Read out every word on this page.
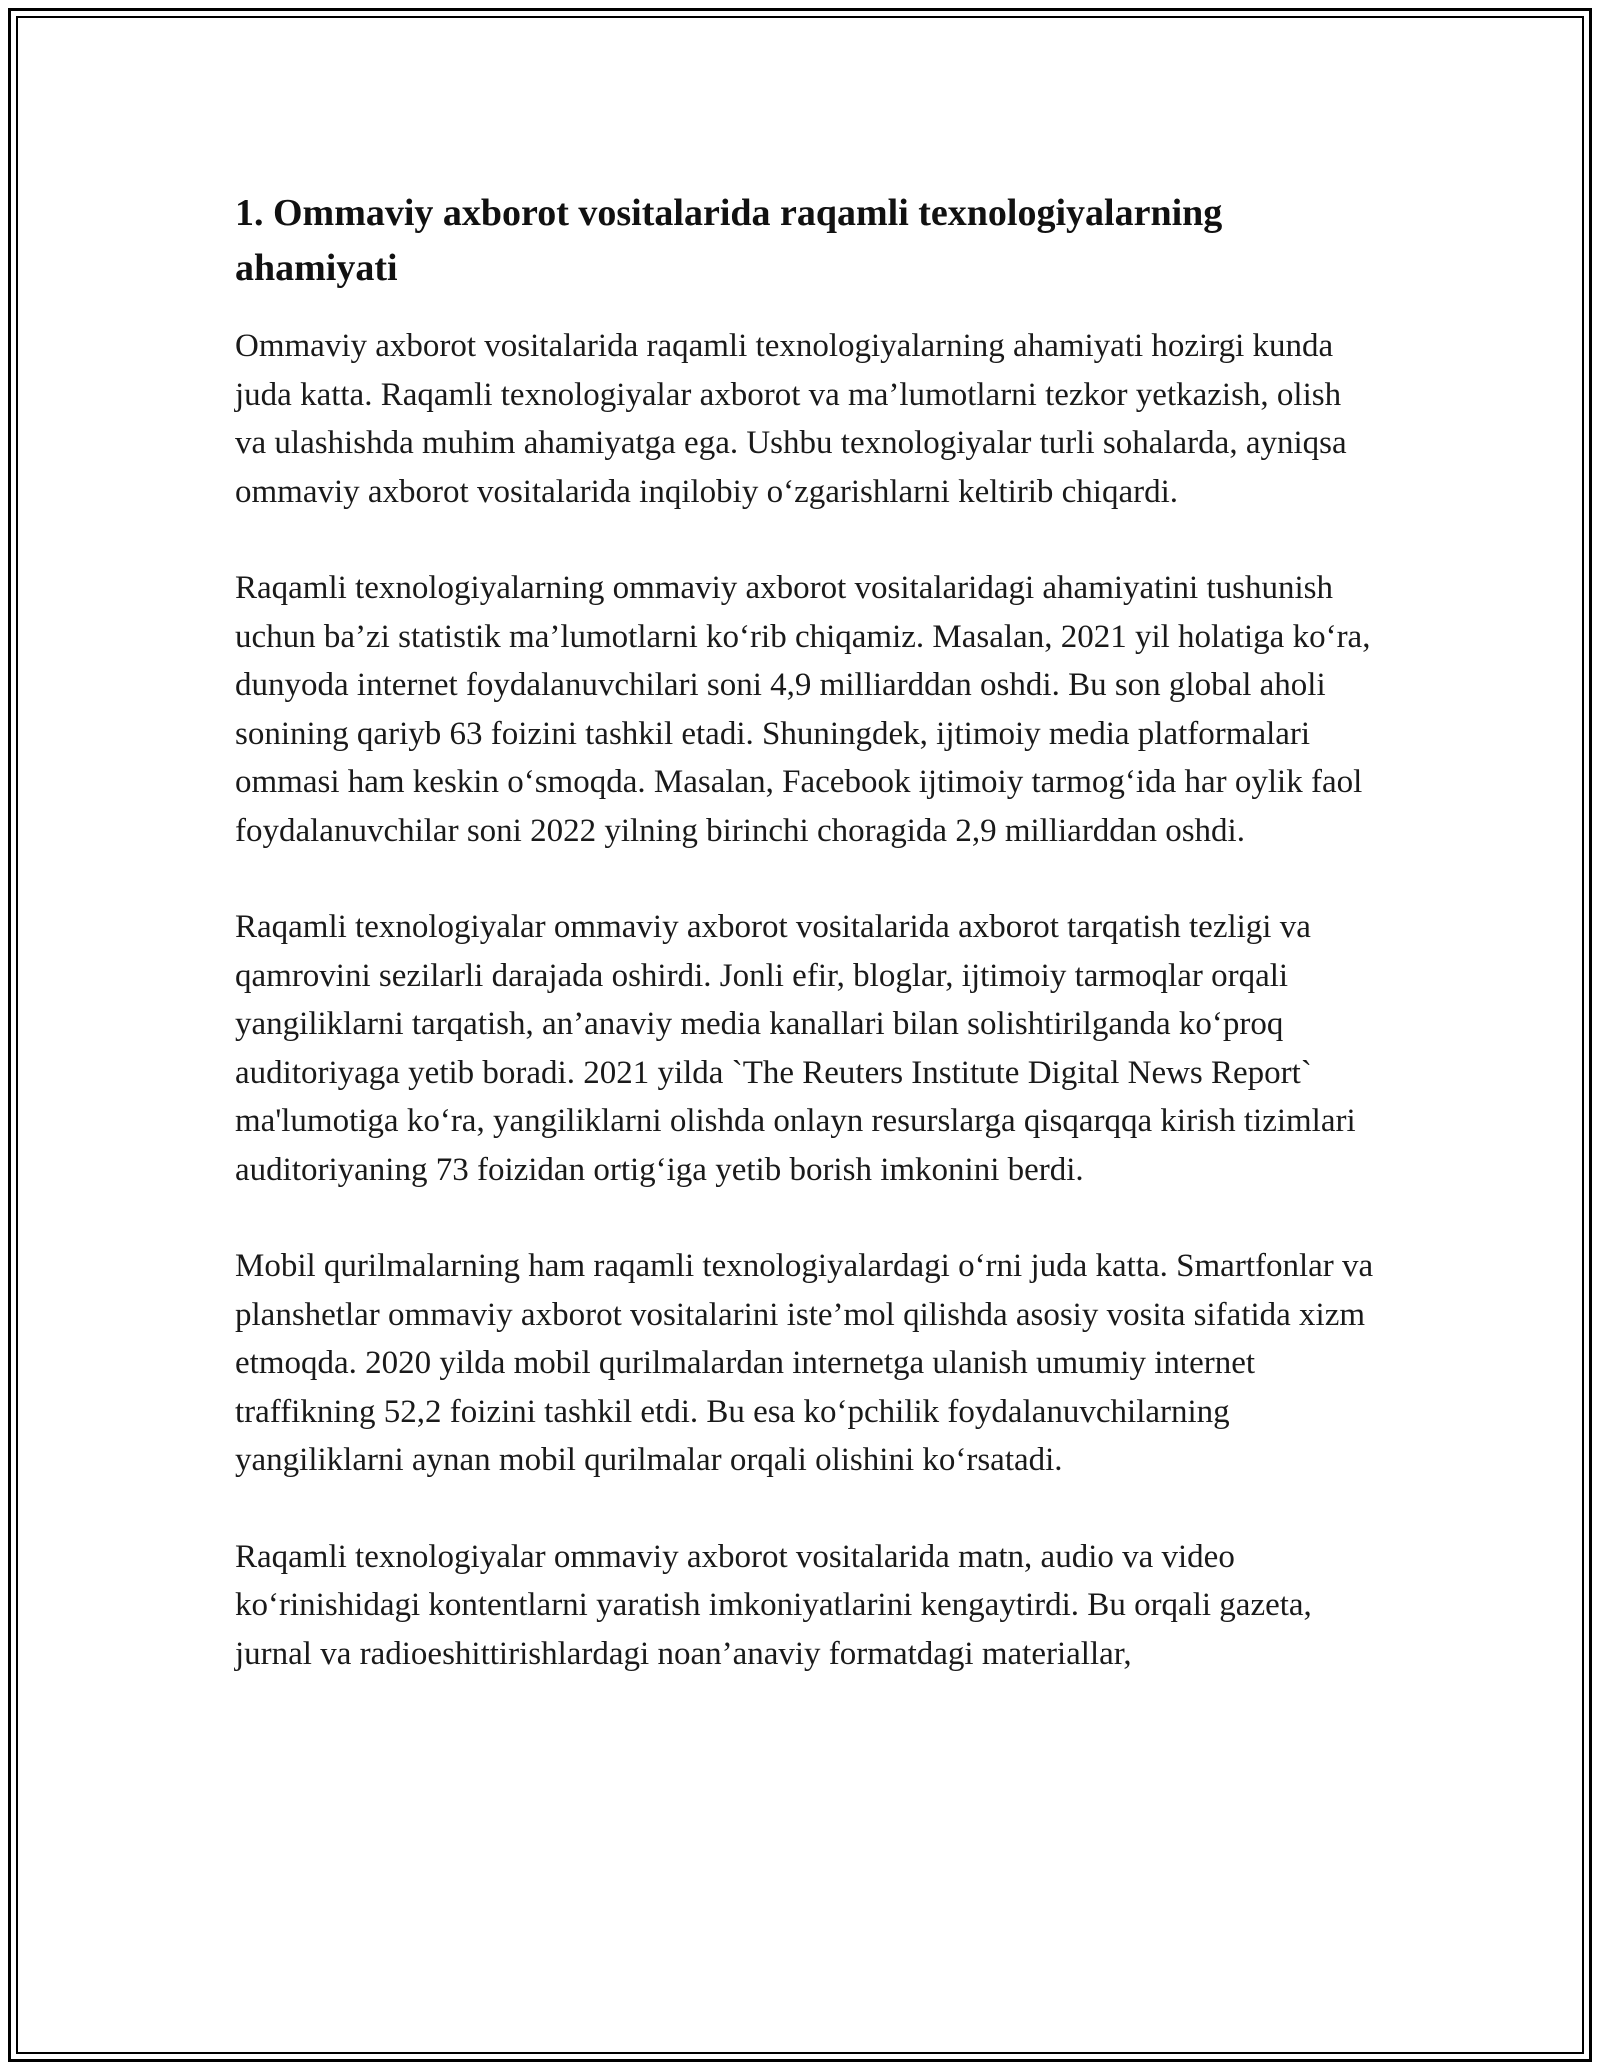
1. Ommaviy axborot vositalarida raqamli texnologiyalarning ahamiyati

Ommaviy axborot vositalarida raqamli texnologiyalarning ahamiyati hozirgi kunda juda katta. Raqamli texnologiyalar axborot va ma’lumotlarni tezkor yetkazish, olish va ulashishda muhim ahamiyatga ega. Ushbu texnologiyalar turli sohalarda, ayniqsa ommaviy axborot vositalarida inqilobiy o‘zgarishlarni keltirib chiqardi.

Raqamli texnologiyalarning ommaviy axborot vositalaridagi ahamiyatini tushunish uchun ba’zi statistik ma’lumotlarni ko‘rib chiqamiz. Masalan, 2021 yil holatiga ko‘ra, dunyoda internet foydalanuvchilari soni 4,9 milliarddan oshdi. Bu son global aholi sonining qariyb 63 foizini tashkil etadi. Shuningdek, ijtimoiy media platformalari ommasi ham keskin o‘smoqda. Masalan, Facebook ijtimoiy tarmog‘ida har oylik faol foydalanuvchilar soni 2022 yilning birinchi choragida 2,9 milliarddan oshdi.

Raqamli texnologiyalar ommaviy axborot vositalarida axborot tarqatish tezligi va qamrovini sezilarli darajada oshirdi. Jonli efir, bloglar, ijtimoiy tarmoqlar orqali yangiliklarni tarqatish, an’anaviy media kanallari bilan solishtirilganda ko‘proq auditoriyaga yetib boradi. 2021 yilda `The Reuters Institute Digital News Report` ma'lumotiga ko‘ra, yangiliklarni olishda onlayn resurslarga qisqarqqa kirish tizimlari auditoriyaning 73 foizidan ortig‘iga yetib borish imkonini berdi.

Mobil qurilmalarning ham raqamli texnologiyalardagi o‘rni juda katta. Smartfonlar va planshetlar ommaviy axborot vositalarini iste’mol qilishda asosiy vosita sifatida xizm etmoqda. 2020 yilda mobil qurilmalardan internetga ulanish umumiy internet traffikning 52,2 foizini tashkil etdi. Bu esa ko‘pchilik foydalanuvchilarning yangiliklarni aynan mobil qurilmalar orqali olishini ko‘rsatadi.

Raqamli texnologiyalar ommaviy axborot vositalarida matn, audio va video ko‘rinishidagi kontentlarni yaratish imkoniyatlarini kengaytirdi. Bu orqali gazeta, jurnal va radioeshittirishlardagi noan’anaviy formatdagi materiallar,
